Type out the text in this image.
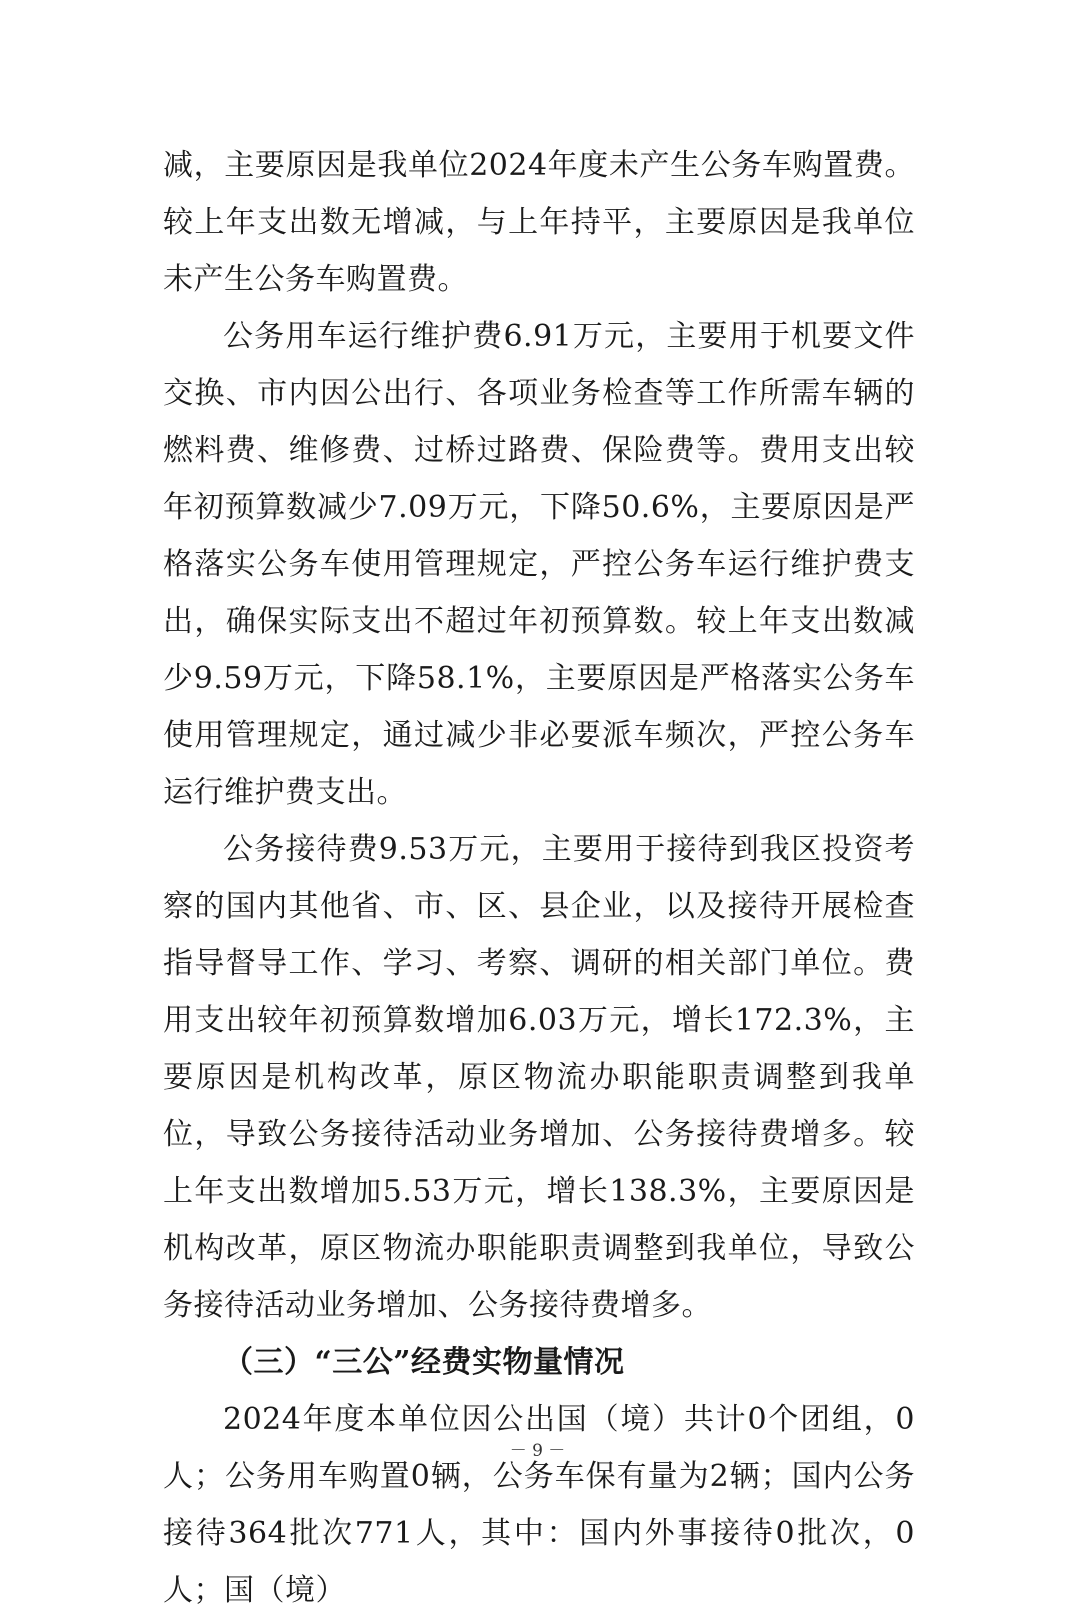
减，主要原因是我单位2024年度未产生公务车购置费。较上年支出数无增减，与上年持平，主要原因是我单位未产生公务车购置费。

公务用车运行维护费6.91万元，主要用于机要文件交换、市内因公出行、各项业务检查等工作所需车辆的燃料费、维修费、过桥过路费、保险费等。费用支出较年初预算数减少7.09万元，下降50.6%，主要原因是严格落实公务车使用管理规定，严控公务车运行维护费支出，确保实际支出不超过年初预算数。较上年支出数减少9.59万元，下降58.1%，主要原因是严格落实公务车使用管理规定，通过减少非必要派车频次，严控公务车运行维护费支出。

公务接待费9.53万元，主要用于接待到我区投资考察的国内其他省、市、区、县企业，以及接待开展检查指导督导工作、学习、考察、调研的相关部门单位。费用支出较年初预算数增加6.03万元，增长172.3%，主要原因是机构改革，原区物流办职能职责调整到我单位，导致公务接待活动业务增加、公务接待费增多。较上年支出数增加5.53万元，增长138.3%，主要原因是机构改革，原区物流办职能职责调整到我单位，导致公务接待活动业务增加、公务接待费增多。

（三）“三公”经费实物量情况

2024年度本单位因公出国（境）共计0个团组，0人；公务用车购置0辆，公务车保有量为2辆；国内公务接待364批次771人，其中：国内外事接待0批次，0人；国（境）

－ 9 －
